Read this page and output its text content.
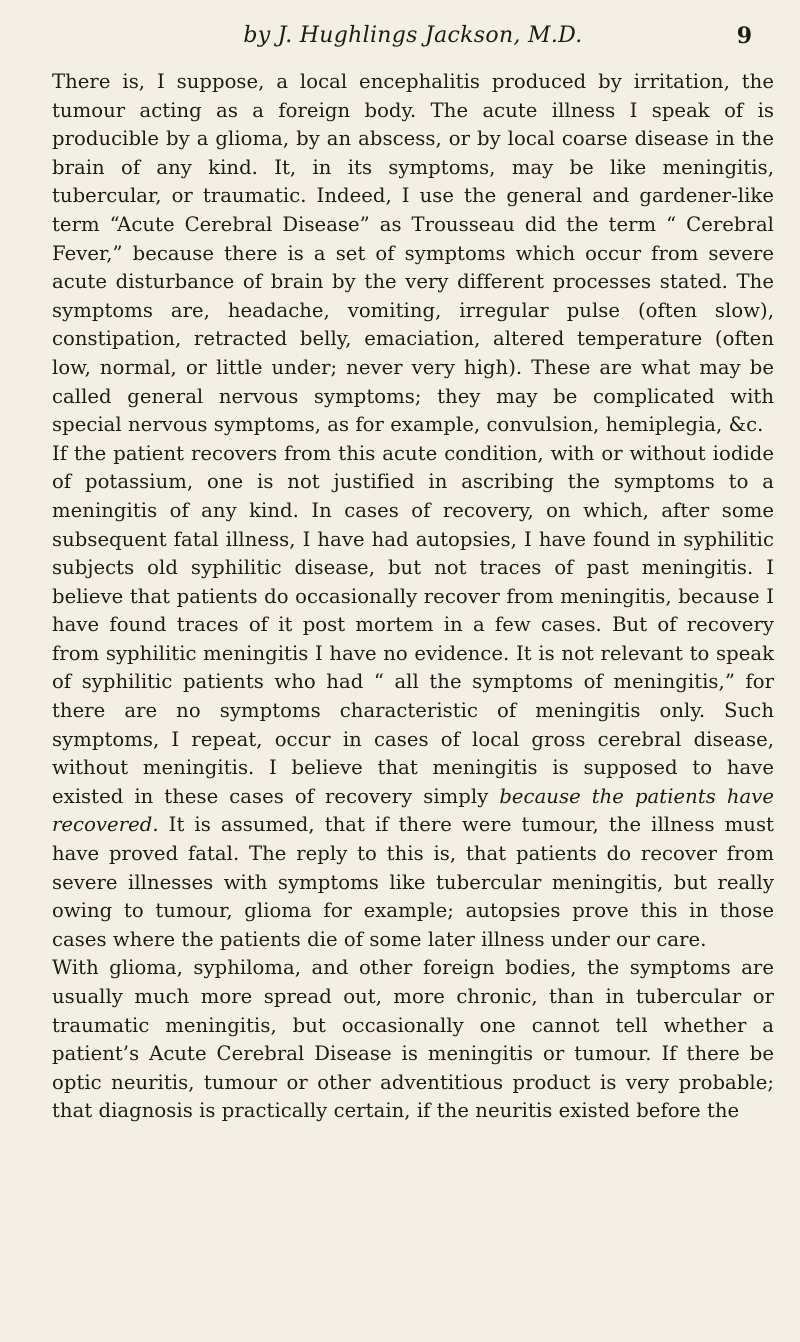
by J. Hughlings Jackson, M.D.	9

There is, I suppose, a local encephalitis produced by irritation, the tumour acting as a foreign body. The acute illness I speak of is producible by a glioma, by an abscess, or by local coarse disease in the brain of any kind. It, in its symptoms, may be like meningitis, tubercular, or traumatic. Indeed, I use the general and gardener-like term “Acute Cerebral Disease” as Trousseau did the term “ Cerebral Fever,” because there is a set of symptoms which occur from severe acute disturbance of brain by the very different processes stated. The symptoms are, headache, vomiting, irregular pulse (often slow), constipation, retracted belly, emaciation, altered temperature (often low, normal, or little under; never very high). These are what may be called general nervous symptoms; they may be complicated with special nervous symptoms, as for example, convulsion, hemiplegia, &c.

If the patient recovers from this acute condition, with or without iodide of potassium, one is not justified in ascribing the symptoms to a meningitis of any kind. In cases of recovery, on which, after some subsequent fatal illness, I have had autopsies, I have found in syphilitic subjects old syphilitic disease, but not traces of past meningitis. I believe that patients do occasionally recover from meningitis, because I have found traces of it post mortem in a few cases. But of recovery from syphilitic meningitis I have no evidence. It is not relevant to speak of syphilitic patients who had “ all the symptoms of meningitis,” for there are no symptoms characteristic of meningitis only. Such symptoms, I repeat, occur in cases of local gross cerebral disease, without meningitis. I believe that meningitis is supposed to have existed in these cases of recovery simply because the patients have recovered. It is assumed, that if there were tumour, the illness must have proved fatal. The reply to this is, that patients do recover from severe illnesses with symptoms like tubercular meningitis, but really owing to tumour, glioma for example; autopsies prove this in those cases where the patients die of some later illness under our care.

With glioma, syphiloma, and other foreign bodies, the symptoms are usually much more spread out, more chronic, than in tubercular or traumatic meningitis, but occasionally one cannot tell whether a patient’s Acute Cerebral Disease is meningitis or tumour. If there be optic neuritis, tumour or other adventitious product is very probable; that diagnosis is practically certain, if the neuritis existed before the
